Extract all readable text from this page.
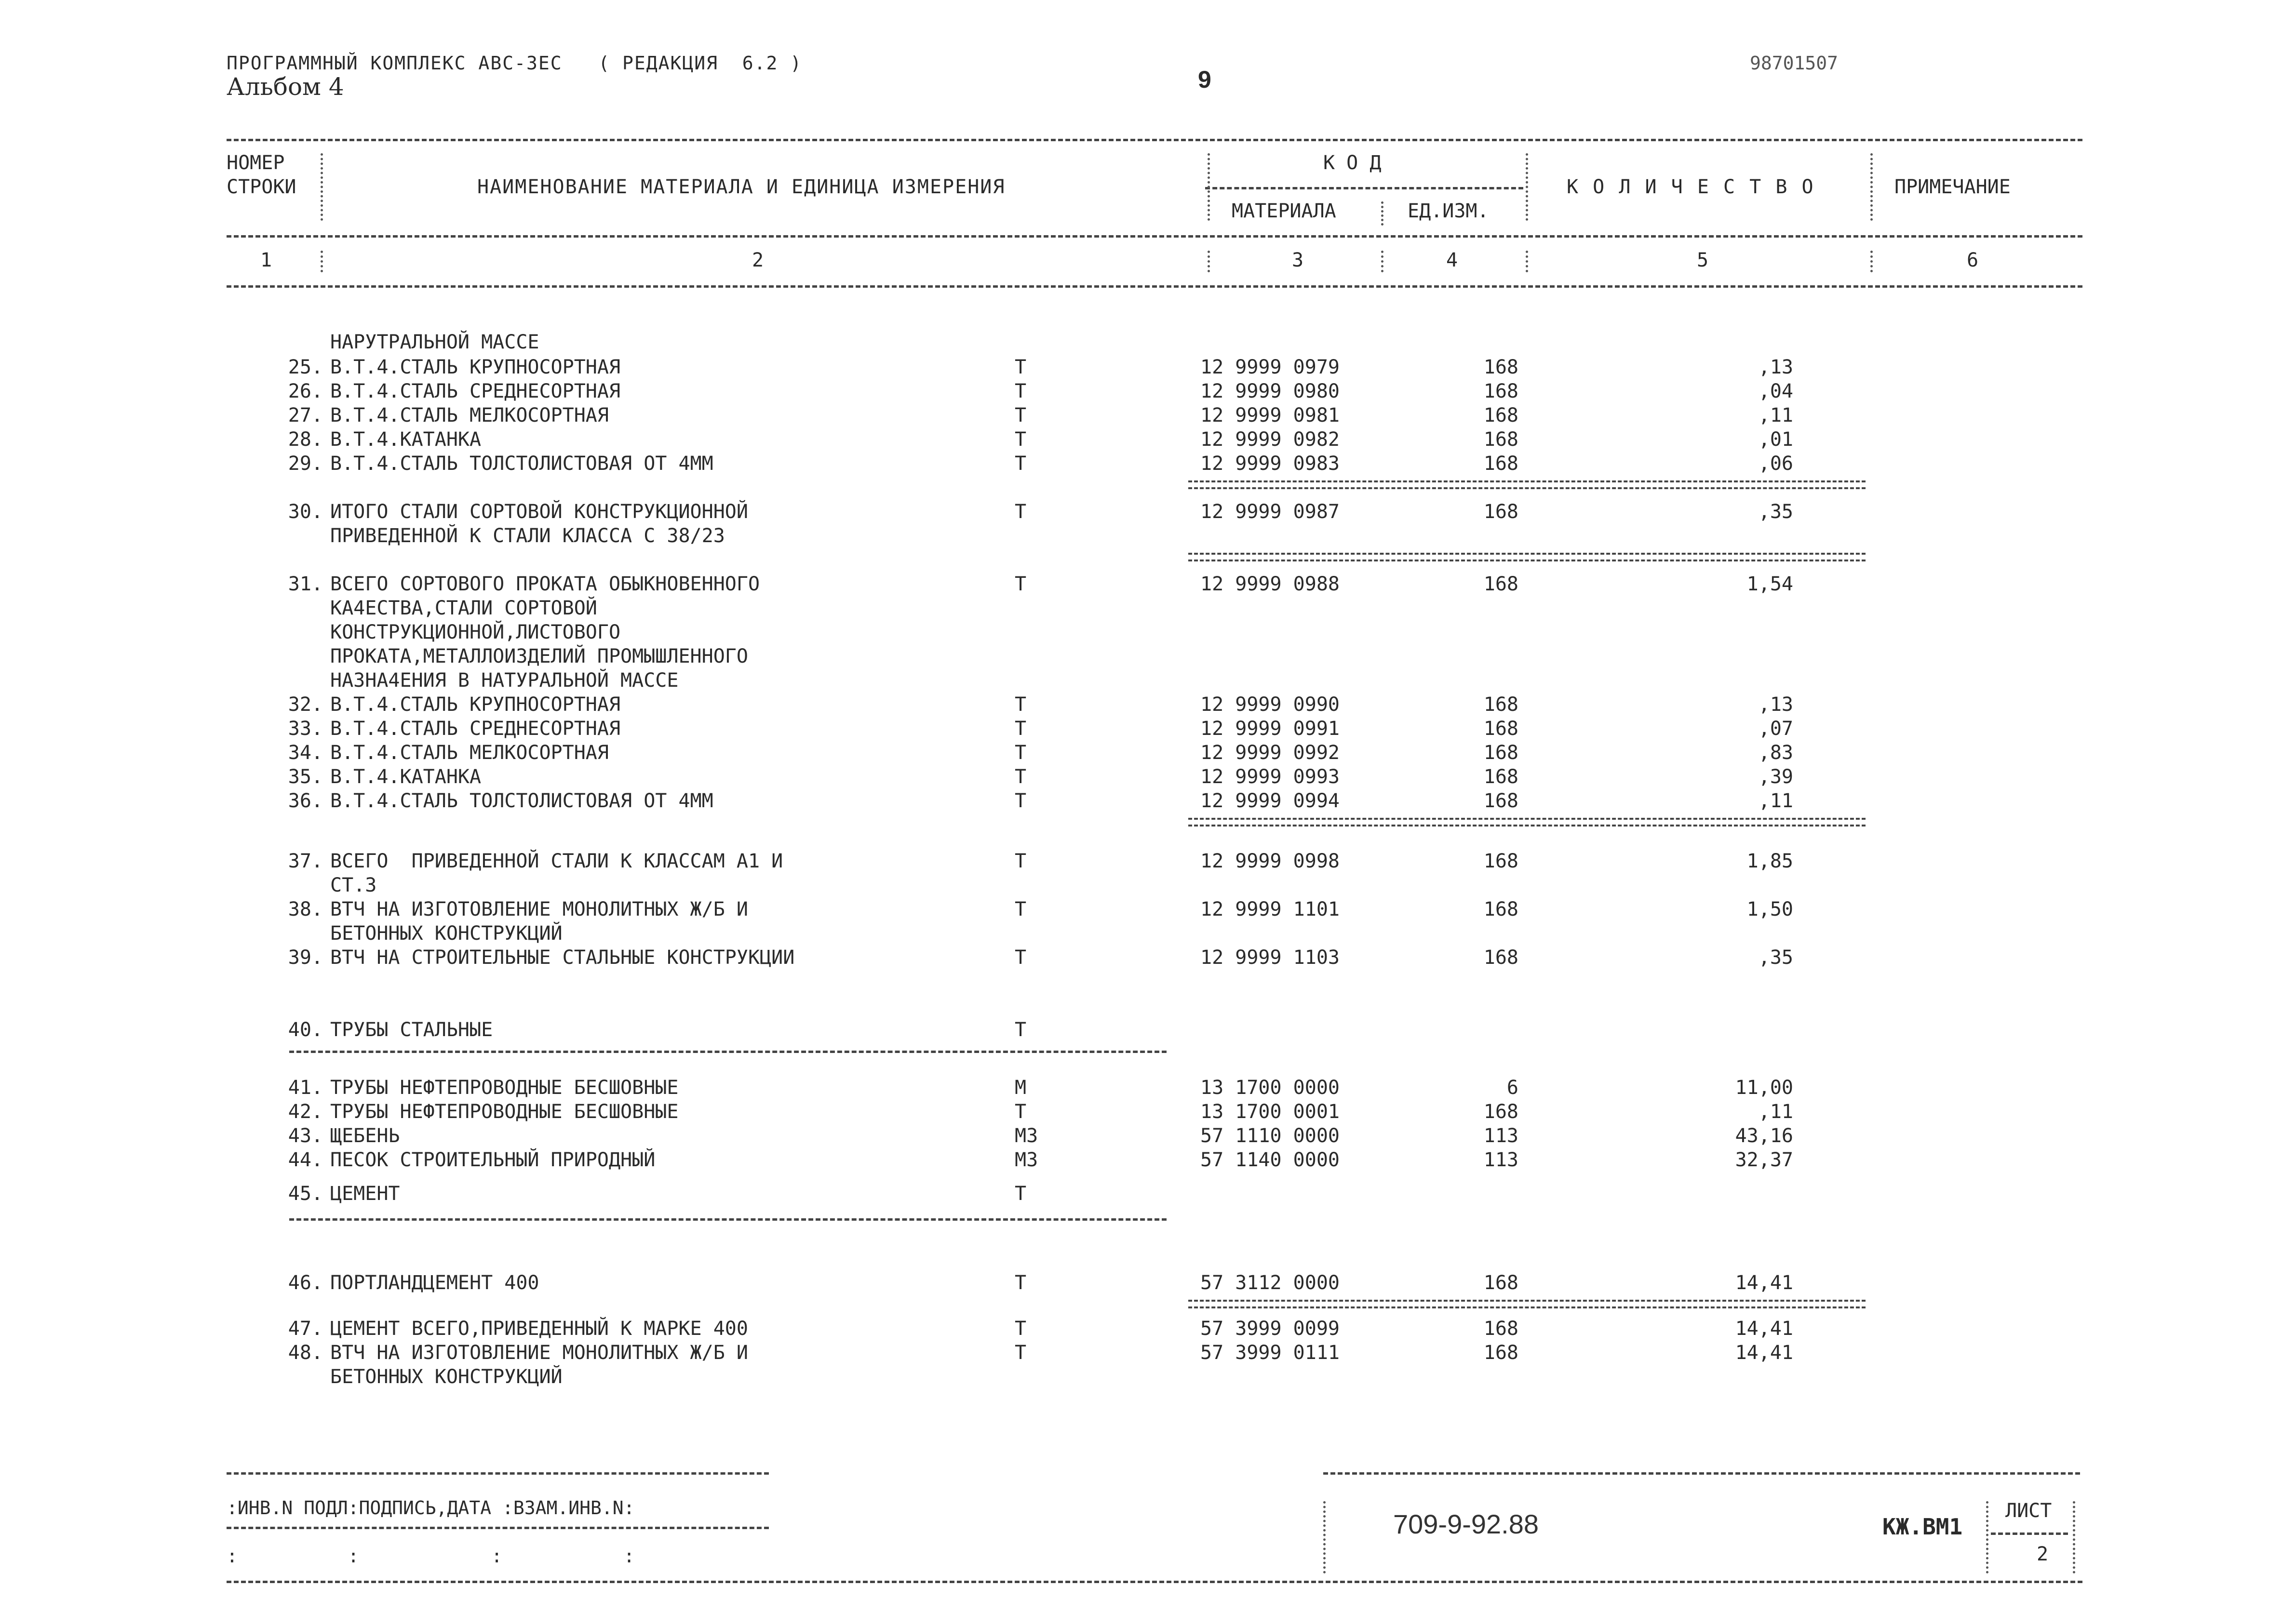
ПРОГРАММНЫЙ КОМПЛЕКС АВС-3ЕС   ( РЕДАКЦИЯ  6.2 )
Альбом 4	9
98701507
НОМЕР
СТРОКИ	НАИМЕНОВАНИЕ МАТЕРИАЛА И ЕДИНИЦА ИЗМЕРЕНИЯ
К О Д
МАТЕРИАЛА	ЕД.ИЗМ.
К О Л И Ч Е С Т В О	ПРИМЕЧАНИЕ
1	2	3	4	5	6
НАРУТРАЛЬНОЙ МАССЕ
25. В.Т.4.СТАЛЬ КРУПНОСОРТНАЯ	Т	12 9999 0979	168	,13
26. В.Т.4.СТАЛЬ СРЕДНЕСОРТНАЯ	Т	12 9999 0980	168	,04
27. В.Т.4.СТАЛЬ МЕЛКОСОРТНАЯ	Т	12 9999 0981	168	,11
28. В.Т.4.КАТАНКА	Т	12 9999 0982	168	,01
29. В.Т.4.СТАЛЬ ТОЛСТОЛИСТОВАЯ ОТ 4ММ	Т	12 9999 0983	168	,06
30. ИТОГО СТАЛИ СОРТОВОЙ КОНСТРУКЦИОННОЙ	Т	12 9999 0987	168	,35
ПРИВЕДЕННОЙ К СТАЛИ КЛАССА С 38/23
31. ВСЕГО СОРТОВОГО ПРОКАТА ОБЫКНОВЕННОГО	Т	12 9999 0988	168	1,54
КА4ЕСТВА,СТАЛИ СОРТОВОЙ
КОНСТРУКЦИОННОЙ,ЛИСТОВОГО
ПРОКАТА,МЕТАЛЛОИЗДЕЛИЙ ПРОМЫШЛЕННОГО
НАЗНА4ЕНИЯ В НАТУРАЛЬНОЙ МАССЕ
32. В.Т.4.СТАЛЬ КРУПНОСОРТНАЯ	Т	12 9999 0990	168	,13
33. В.Т.4.СТАЛЬ СРЕДНЕСОРТНАЯ	Т	12 9999 0991	168	,07
34. В.Т.4.СТАЛЬ МЕЛКОСОРТНАЯ	Т	12 9999 0992	168	,83
35. В.Т.4.КАТАНКА	Т	12 9999 0993	168	,39
36. В.Т.4.СТАЛЬ ТОЛСТОЛИСТОВАЯ ОТ 4ММ	Т	12 9999 0994	168	,11
37. ВСЕГО  ПРИВЕДЕННОЙ СТАЛИ К КЛАССАМ А1 И	Т	12 9999 0998	168	1,85
СТ.3
38. ВТЧ НА ИЗГОТОВЛЕНИЕ МОНОЛИТНЫХ Ж/Б И	Т	12 9999 1101	168	1,50
БЕТОННЫХ КОНСТРУКЦИЙ
39. ВТЧ НА СТРОИТЕЛЬНЫЕ СТАЛЬНЫЕ КОНСТРУКЦИИ	Т	12 9999 1103	168	,35
40. ТРУБЫ СТАЛЬНЫЕ	Т
41. ТРУБЫ НЕФТЕПРОВОДНЫЕ БЕСШОВНЫЕ	М	13 1700 0000	6	11,00
42. ТРУБЫ НЕФТЕПРОВОДНЫЕ БЕСШОВНЫЕ	Т	13 1700 0001	168	,11
43. ЩЕБЕНЬ	М3	57 1110 0000	113	43,16
44. ПЕСОК СТРОИТЕЛЬНЫЙ ПРИРОДНЫЙ	М3	57 1140 0000	113	32,37
45. ЦЕМЕНТ	Т
46. ПОРТЛАНДЦЕМЕНТ 400	Т	57 3112 0000	168	14,41
47. ЦЕМЕНТ ВСЕГО,ПРИВЕДЕННЫЙ К МАРКЕ 400	Т	57 3999 0099	168	14,41
48. ВТЧ НА ИЗГОТОВЛЕНИЕ МОНОЛИТНЫХ Ж/Б И	Т	57 3999 0111	168	14,41
БЕТОННЫХ КОНСТРУКЦИЙ
:ИНВ.N ПОДЛ:ПОДПИСЬ,ДАТА :ВЗАМ.ИНВ.N:
:          :            :           :
709-9-92.88	КЖ.ВМ1
ЛИСТ
2
